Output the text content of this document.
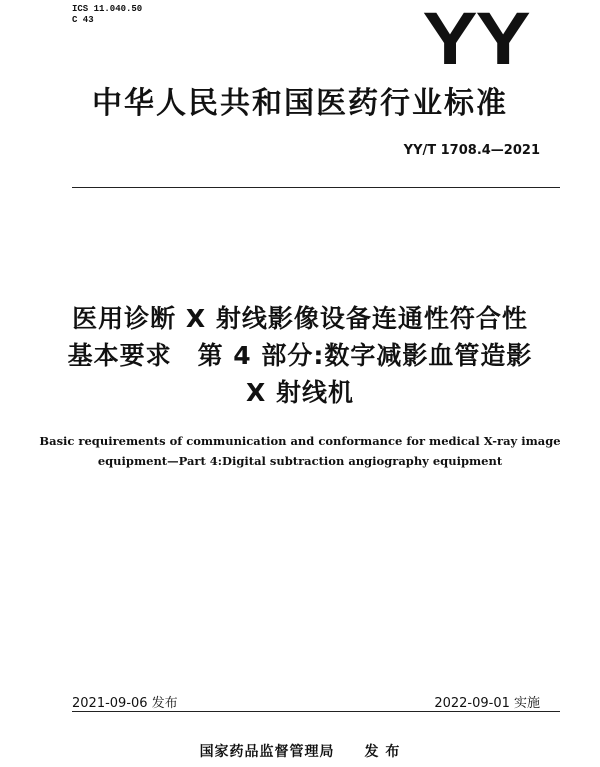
ICS 11.040.50
C 43	YY
中华人民共和国医药行业标准
YY/T 1708.4—2021
医用诊断 X 射线影像设备连通性符合性
基本要求　第 4 部分:数字减影血管造影
X 射线机
Basic requirements of communication and conformance for medical X-ray image
equipment—Part 4:Digital subtraction angiography equipment
2021-09-06 发布	2022-09-01 实施
国家药品监督管理局　　发 布
